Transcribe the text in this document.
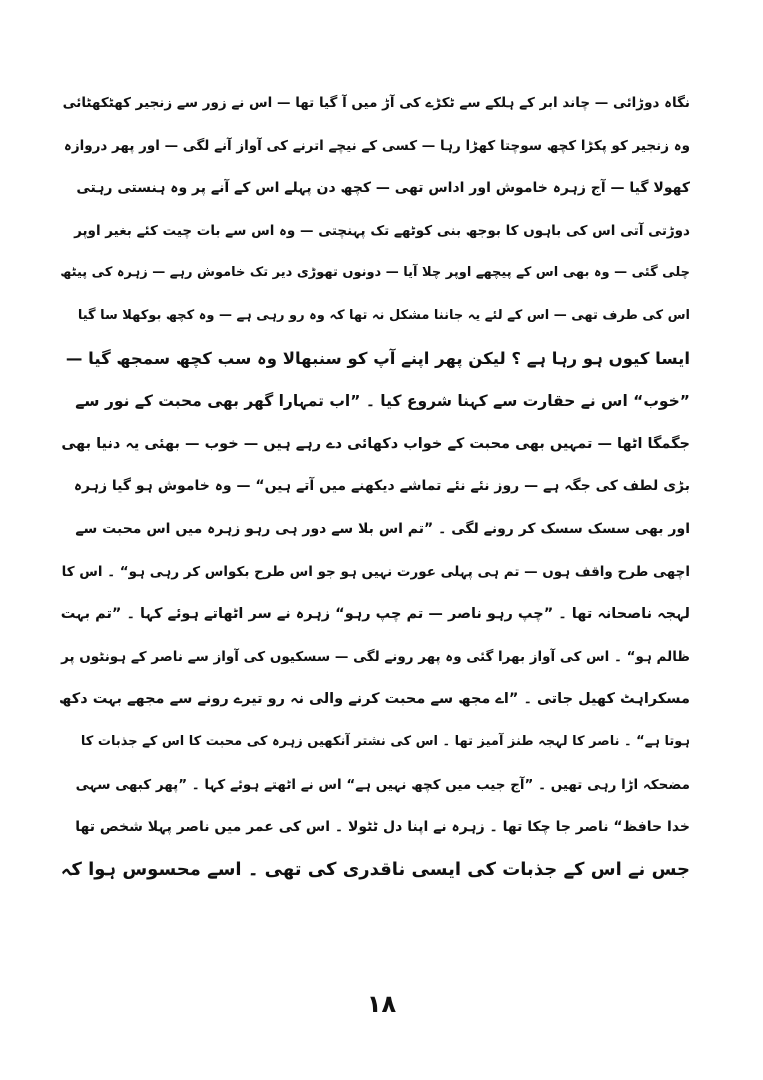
نگاہ دوڑائی — چاند ابر کے ہلکے سے ٹکڑے کی آڑ میں آ گیا تھا — اس نے زور سے زنجیر کھٹکھٹائی
وہ زنجیر کو پکڑا کچھ سوچتا کھڑا رہا — کسی کے نیچے اترنے کی آواز آنے لگی — اور پھر دروازہ
کھولا گیا — آج زہرہ خاموش اور اداس تھی — کچھ دن پہلے اس کے آنے پر وہ ہنستی رہتی
دوڑتی آتی اس کی باہوں کا بوجھ بنی کوٹھے تک پہنچتی — وہ اس سے بات چیت کئے بغیر اوپر
چلی گئی — وہ بھی اس کے پیچھے اوپر چلا آیا — دونوں تھوڑی دیر تک خاموش رہے — زہرہ کی پیٹھ
اس کی طرف تھی — اس کے لئے یہ جاننا مشکل نہ تھا کہ وہ رو رہی ہے — وہ کچھ بوکھلا سا گیا
ایسا کیوں ہو رہا ہے ؟ لیکن پھر اپنے آپ کو سنبھالا وہ سب کچھ سمجھ گیا —
”خوب“ اس نے حقارت سے کہنا شروع کیا ۔ ”اب تمہارا گھر بھی محبت کے نور سے
جگمگا اٹھا — تمہیں بھی محبت کے خواب دکھائی دے رہے ہیں — خوب — بھئی یہ دنیا بھی
بڑی لطف کی جگہ ہے — روز نئے نئے تماشے دیکھنے میں آتے ہیں“ — وہ خاموش ہو گیا زہرہ
اور بھی سسک سسک کر رونے لگی ۔ ”تم اس بلا سے دور ہی رہو زہرہ میں اس محبت سے
اچھی طرح واقف ہوں — تم ہی پہلی عورت نہیں ہو جو اس طرح بکواس کر رہی ہو“ ۔ اس کا
لہجہ ناصحانہ تھا ۔ ”چپ رہو ناصر — تم چپ رہو“ زہرہ نے سر اٹھاتے ہوئے کہا ۔ ”تم بہت
ظالم ہو“ ۔ اس کی آواز بھرا گئی وہ پھر رونے لگی — سسکیوں کی آواز سے ناصر کے ہونٹوں پر
مسکراہٹ کھیل جاتی ۔ ”اے مجھ سے محبت کرنے والی نہ رو تیرے رونے سے مجھے بہت دکھ
ہوتا ہے“ ۔ ناصر کا لہجہ طنز آمیز تھا ۔ اس کی نشتر آنکھیں زہرہ کی محبت کا اس کے جذبات کا
مضحکہ اڑا رہی تھیں ۔ ”آج جیب میں کچھ نہیں ہے“ اس نے اٹھتے ہوئے کہا ۔ ”پھر کبھی سہی
خدا حافظ“ ناصر جا چکا تھا ۔ زہرہ نے اپنا دل ٹٹولا ۔ اس کی عمر میں ناصر پہلا شخص تھا
جس نے اس کے جذبات کی ایسی ناقدری کی تھی ۔ اسے محسوس ہوا کہ
۱۸
